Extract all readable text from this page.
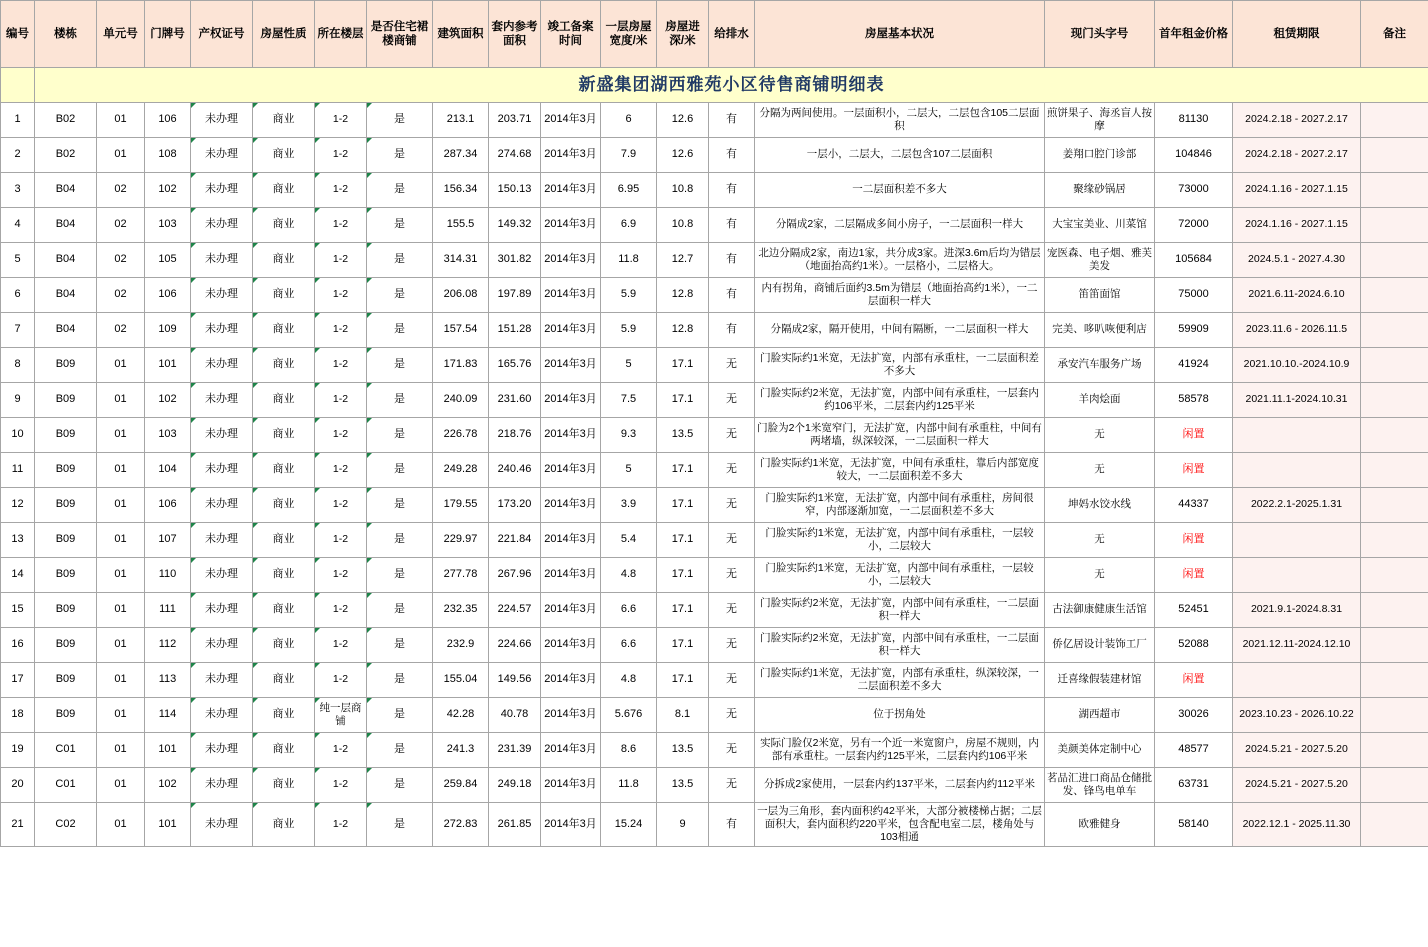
	新盛集团湖西雅苑小区待售商铺明细表																	
编号	楼栋	单元号	门牌号	产权证号	房屋性质	所在楼层	是否住宅裙楼商铺	建筑面积	套内参考面积	竣工备案时间	一层房屋宽度/米	房屋进深/米	给排水	房屋基本状况	现门头字号	首年租金价格	租赁期限	备注
1	B02	01	106	未办理	商业	1-2	是	213.1	203.71	2014年3月	6	12.6	有	分隔为两间使用。一层面积小，二层大，二层包含105二层面积	煎饼果子、海丞盲人按摩	81130	2024.2.18 - 2027.2.17	
2	B02	01	108	未办理	商业	1-2	是	287.34	274.68	2014年3月	7.9	12.6	有	一层小，二层大，二层包含107二层面积	姜翔口腔门诊部	104846	2024.2.18 - 2027.2.17	
3	B04	02	102	未办理	商业	1-2	是	156.34	150.13	2014年3月	6.95	10.8	有	一二层面积差不多大	聚缘砂锅居	73000	2024.1.16 - 2027.1.15	
4	B04	02	103	未办理	商业	1-2	是	155.5	149.32	2014年3月	6.9	10.8	有	分隔成2家，二层隔成多间小房子，一二层面积一样大	大宝宝美业、川菜馆	72000	2024.1.16 - 2027.1.15	
5	B04	02	105	未办理	商业	1-2	是	314.31	301.82	2014年3月	11.8	12.7	有	北边分隔成2家，南边1家，共分成3家。进深3.6m后均为错层（地面抬高约1米）。一层格小，二层格大。	宠医森、电子烟、雅芙美发	105684	2024.5.1 - 2027.4.30	
6	B04	02	106	未办理	商业	1-2	是	206.08	197.89	2014年3月	5.9	12.8	有	内有拐角，商铺后面约3.5m为错层（地面抬高约1米），一二层面积一样大	笛笛面馆	75000	2021.6.11-2024.6.10	
7	B04	02	109	未办理	商业	1-2	是	157.54	151.28	2014年3月	5.9	12.8	有	分隔成2家，隔开使用，中间有隔断，一二层面积一样大	完美、哆叭咴便利店	59909	2023.11.6 - 2026.11.5	
8	B09	01	101	未办理	商业	1-2	是	171.83	165.76	2014年3月	5	17.1	无	门脸实际约1米宽，无法扩宽，内部有承重柱，一二层面积差不多大	承安汽车服务广场	41924	2021.10.10.-2024.10.9	
9	B09	01	102	未办理	商业	1-2	是	240.09	231.60	2014年3月	7.5	17.1	无	门脸实际约2米宽，无法扩宽，内部中间有承重柱，一层套内约106平米，二层套内约125平米	羊肉烩面	58578	2021.11.1-2024.10.31	
10	B09	01	103	未办理	商业	1-2	是	226.78	218.76	2014年3月	9.3	13.5	无	门脸为2个1米宽窄门，无法扩宽，内部中间有承重柱，中间有两堵墙，纵深较深，一二层面积一样大	无	闲置		
11	B09	01	104	未办理	商业	1-2	是	249.28	240.46	2014年3月	5	17.1	无	门脸实际约1米宽，无法扩宽，中间有承重柱，靠后内部宽度较大，一二层面积差不多大	无	闲置		
12	B09	01	106	未办理	商业	1-2	是	179.55	173.20	2014年3月	3.9	17.1	无	门脸实际约1米宽，无法扩宽，内部中间有承重柱，房间很窄，内部逐渐加宽，一二层面积差不多大	坤妈水饺水线	44337	2022.2.1-2025.1.31	
13	B09	01	107	未办理	商业	1-2	是	229.97	221.84	2014年3月	5.4	17.1	无	门脸实际约1米宽，无法扩宽，内部中间有承重柱，一层较小，二层较大	无	闲置		
14	B09	01	110	未办理	商业	1-2	是	277.78	267.96	2014年3月	4.8	17.1	无	门脸实际约1米宽，无法扩宽，内部中间有承重柱，一层较小，二层较大	无	闲置		
15	B09	01	111	未办理	商业	1-2	是	232.35	224.57	2014年3月	6.6	17.1	无	门脸实际约2米宽，无法扩宽，内部中间有承重柱，一二层面积一样大	古法御康健康生活馆	52451	2021.9.1-2024.8.31	
16	B09	01	112	未办理	商业	1-2	是	232.9	224.66	2014年3月	6.6	17.1	无	门脸实际约2米宽，无法扩宽，内部中间有承重柱，一二层面积一样大	侨亿居设计装饰工厂	52088	2021.12.11-2024.12.10	
17	B09	01	113	未办理	商业	1-2	是	155.04	149.56	2014年3月	4.8	17.1	无	门脸实际约1米宽，无法扩宽，内部有承重柱，纵深较深，一二层面积差不多大	迁喜缘假装建材馆	闲置		
18	B09	01	114	未办理	商业	纯一层商铺	是	42.28	40.78	2014年3月	5.676	8.1	无	位于拐角处	湖西超市	30026	2023.10.23 - 2026.10.22	
19	C01	01	101	未办理	商业	1-2	是	241.3	231.39	2014年3月	8.6	13.5	无	实际门脸仅2米宽，另有一个近一米宽窗户，房屋不规则，内部有承重柱。一层套内约125平米，二层套内约106平米	美颜美体定制中心	48577	2024.5.21 - 2027.5.20	
20	C01	01	102	未办理	商业	1-2	是	259.84	249.18	2014年3月	11.8	13.5	无	分拆成2家使用，一层套内约137平米，二层套内约112平米	茗品汇进口商品仓储批发、锋鸟电单车	63731	2024.5.21 - 2027.5.20	
21	C02	01	101	未办理	商业	1-2	是	272.83	261.85	2014年3月	15.24	9	有	一层为三角形，套内面积约42平米，大部分被楼梯占据；二层面积大，套内面积约220平米，包含配电室二层，楼角处与103相通	欧雅健身	58140	2022.12.1 - 2025.11.30	
